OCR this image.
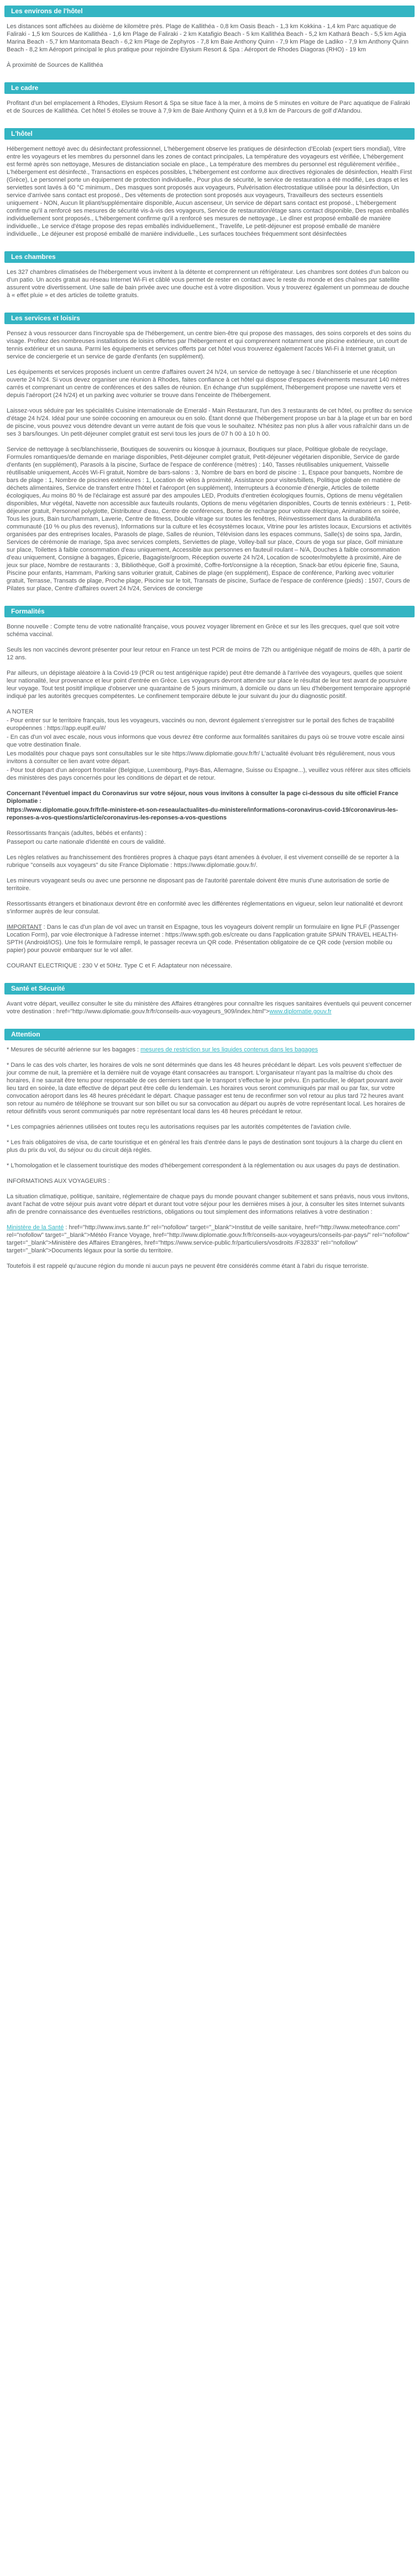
Les environs de l'hôtel

Les distances sont affichées au dixième de kilomètre près. Plage de Kallithéa - 0,8 km Oasis Beach - 1,3 km Kokkina - 1,4 km Parc aquatique de Faliraki - 1,5 km Sources de Kallithéa - 1,6 km Plage de Faliraki - 2 km Katafigio Beach - 5 km Kallithéa Beach - 5,2 km Kathará Beach - 5,5 km Agia Marina Beach - 5,7 km Mantomata Beach - 6,2 km Plage de Zephyros - 7,8 km Baie Anthony Quinn - 7,9 km Plage de Ladiko - 7,9 km Anthony Quinn Beach - 8,2 km Aéroport principal le plus pratique pour rejoindre Elysium Resort & Spa : Aéroport de Rhodes Diagoras (RHO) - 19 km

À proximité de Sources de Kallithéa

Le cadre

Profitant d'un bel emplacement à Rhodes, Elysium Resort & Spa se situe face à la mer, à moins de 5 minutes en voiture de Parc aquatique de Faliraki et de Sources de Kallithéa. Cet hôtel 5 étoiles se trouve à 7,9 km de Baie Anthony Quinn et à 9,8 km de Parcours de golf d'Afandou.

L'hôtel

Hébergement nettoyé avec du désinfectant professionnel, L'hébergement observe les pratiques de désinfection d'Ecolab (expert tiers mondial), Vitre entre les voyageurs et les membres du personnel dans les zones de contact principales, La température des voyageurs est vérifiée, L'hébergement est fermé après son nettoyage, Mesures de distanciation sociale en place., La température des membres du personnel est régulièrement vérifiée., L'hébergement est désinfecté., Transactions en espèces possibles, L'hébergement est conforme aux directives régionales de désinfection, Health First (Grèce), Le personnel porte un équipement de protection individuelle., Pour plus de sécurité, le service de restauration a été modifié, Les draps et les serviettes sont lavés à 60 °C minimum., Des masques sont proposés aux voyageurs, Pulvérisation électrostatique utilisée pour la désinfection, Un service d'arrivée sans contact est proposé., Des vêtements de protection sont proposés aux voyageurs, Travailleurs des secteurs essentiels uniquement - NON, Aucun lit pliant/supplémentaire disponible, Aucun ascenseur, Un service de départ sans contact est proposé., L'hébergement confirme qu'il a renforcé ses mesures de sécurité vis-à-vis des voyageurs, Service de restauration/étage sans contact disponible, Des repas emballés individuellement sont proposés., L'hébergement confirme qu'il a renforcé ses mesures de nettoyage., Le dîner est proposé emballé de manière individuelle., Le service d'étage propose des repas emballés individuellement., Travelife, Le petit-déjeuner est proposé emballé de manière individuelle., Le déjeuner est proposé emballé de manière individuelle., Les surfaces touchées fréquemment sont désinfectées

Les chambres

Les 327 chambres climatisées de l'hébergement vous invitent à la détente et comprennent un réfrigérateur. Les chambres sont dotées d'un balcon ou d'un patio. Un accès gratuit au réseau Internet Wi-Fi et câblé vous permet de rester en contact avec le reste du monde et des chaînes par satellite assurent votre divertissement. Une salle de bain privée avec une douche est à votre disposition. Vous y trouverez également un pommeau de douche à « effet pluie » et des articles de toilette gratuits.

Les services et loisirs

Pensez à vous ressourcer dans l'incroyable spa de l'hébergement, un centre bien-être qui propose des massages, des soins corporels et des soins du visage. Profitez des nombreuses installations de loisirs offertes par l'hébergement et qui comprennent notamment une piscine extérieure, un court de tennis extérieur et un sauna. Parmi les équipements et services offerts par cet hôtel vous trouverez également l'accès Wi-Fi à Internet gratuit, un service de conciergerie et un service de garde d'enfants (en supplément).

Les équipements et services proposés incluent un centre d'affaires ouvert 24 h/24, un service de nettoyage à sec / blanchisserie et une réception ouverte 24 h/24. Si vous devez organiser une réunion à Rhodes, faites confiance à cet hôtel qui dispose d'espaces événements mesurant 140 mètres carrés et comprenant un centre de conférences et des salles de réunion. En échange d'un supplément, l'hébergement propose une navette vers et depuis l'aéroport (24 h/24) et un parking avec voiturier se trouve dans l'enceinte de l'hébergement.

Laissez-vous séduire par les spécialités Cuisine internationale de Emerald - Main Restaurant, l'un des 3 restaurants de cet hôtel, ou profitez du service d'étage 24 h/24. Idéal pour une soirée cocooning en amoureux ou en solo. Étant donné que l'hébergement propose un bar à la plage et un bar en bord de piscine, vous pouvez vous détendre devant un verre autant de fois que vous le souhaitez. N'hésitez pas non plus à aller vous rafraîchir dans un de ses 3 bars/lounges. Un petit-déjeuner complet gratuit est servi tous les jours de 07 h 00 à 10 h 00.

Service de nettoyage à sec/blanchisserie, Boutiques de souvenirs ou kiosque à journaux, Boutiques sur place, Politique globale de recyclage, Formules romantiques/de demande en mariage disponibles, Petit-déjeuner complet gratuit, Petit-déjeuner végétarien disponible, Service de garde d'enfants (en supplément), Parasols à la piscine, Surface de l'espace de conférence (mètres) : 140, Tasses réutilisables uniquement, Vaisselle réutilisable uniquement, Accès Wi-Fi gratuit, Nombre de bars-salons : 3, Nombre de bars en bord de piscine : 1, Espace pour banquets, Nombre de bars de plage : 1, Nombre de piscines extérieures : 1, Location de vélos à proximité, Assistance pour visites/billets, Politique globale en matière de déchets alimentaires, Service de transfert entre l'hôtel et l'aéroport (en supplément), Interrupteurs à économie d'énergie, Articles de toilette écologiques, Au moins 80 % de l'éclairage est assuré par des ampoules LED, Produits d'entretien écologiques fournis, Options de menu végétalien disponibles, Mur végétal, Navette non accessible aux fauteuils roulants, Options de menu végétarien disponibles, Courts de tennis extérieurs : 1, Petit-déjeuner gratuit, Personnel polyglotte, Distributeur d'eau, Centre de conférences, Borne de recharge pour voiture électrique, Animations en soirée, Tous les jours, Bain turc/hammam, Laverie, Centre de fitness, Double vitrage sur toutes les fenêtres, Réinvestissement dans la durabilité/la communauté (10 % ou plus des revenus), Informations sur la culture et les écosystèmes locaux, Vitrine pour les artistes locaux, Excursions et activités organisées par des entreprises locales, Parasols de plage, Salles de réunion, Télévision dans les espaces communs, Salle(s) de soins spa, Jardin, Services de cérémonie de mariage, Spa avec services complets, Serviettes de plage, Volley-ball sur place, Cours de yoga sur place, Golf miniature sur place, Toilettes à faible consommation d'eau uniquement, Accessible aux personnes en fauteuil roulant – N/A, Douches à faible consommation d'eau uniquement, Consigne à bagages, Épicerie, Bagagiste/groom, Réception ouverte 24 h/24, Location de scooter/mobylette à proximité, Aire de jeux sur place, Nombre de restaurants : 3, Bibliothèque, Golf à proximité, Coffre-fort/consigne à la réception, Snack-bar et/ou épicerie fine, Sauna, Piscine pour enfants, Hammam, Parking sans voiturier gratuit, Cabines de plage (en supplément), Espace de conférence, Parking avec voiturier gratuit, Terrasse, Transats de plage, Proche plage, Piscine sur le toit, Transats de piscine, Surface de l'espace de conférence (pieds) : 1507, Cours de Pilates sur place, Centre d'affaires ouvert 24 h/24, Services de concierge

Formalités

Bonne nouvelle : Compte tenu de votre nationalité française, vous pouvez voyager librement en Grèce et sur les îles grecques, quel que soit votre schéma vaccinal.

Seuls les non vaccinés devront présenter pour leur retour en France un test PCR de moins de 72h ou antigénique négatif de moins de 48h, à partir de 12 ans.

Par ailleurs, un dépistage aléatoire à la Covid-19 (PCR ou test antigénique rapide) peut être demandé à l'arrivée des voyageurs, quelles que soient leur nationalité, leur provenance et leur point d'entrée en Grèce. Les voyageurs devront attendre sur place le résultat de leur test avant de poursuivre leur voyage. Tout test positif implique d'observer une quarantaine de 5 jours minimum, à domicile ou dans un lieu d'hébergement temporaire approprié indiqué par les autorités grecques compétentes. Le confinement temporaire débute le jour suivant du jour du diagnostic positif.

A NOTER

- Pour entrer sur le territoire français, tous les voyageurs, vaccinés ou non, devront également s'enregistrer sur le portail des fiches de traçabilité européennes : https://app.euplf.eu/#/

- En cas d'un vol avec escale, nous vous informons que vous devrez être conforme aux formalités sanitaires du pays où se trouve votre escale ainsi que votre destination finale.

Les modalités pour chaque pays sont consultables sur le site https://www.diplomatie.gouv.fr/fr/ L'actualité évoluant très régulièrement, nous vous invitons à consulter ce lien avant votre départ.

- Pour tout départ d'un aéroport frontalier (Belgique, Luxembourg, Pays-Bas, Allemagne, Suisse ou Espagne...), veuillez vous référer aux sites officiels des ministères des pays concernés pour les conditions de départ et de retour.

Concernant l'éventuel impact du Coronavirus sur votre séjour, nous vous invitons à consulter la page ci-dessous du site officiel France Diplomatie :

https://www.diplomatie.gouv.fr/fr/le-ministere-et-son-reseau/actualites-du-ministere/informations-coronavirus-covid-19/coronavirus-les-reponses-a-vos-questions/article/coronavirus-les-reponses-a-vos-questions

Ressortissants français (adultes, bébés et enfants) :

Passeport ou carte nationale d'identité en cours de validité.

Les règles relatives au franchissement des frontières propres à chaque pays étant amenées à évoluer, il est vivement conseillé de se reporter à la rubrique "conseils aux voyageurs" du site France Diplomatie : https://www.diplomatie.gouv.fr/.

Les mineurs voyageant seuls ou avec une personne ne disposant pas de l'autorité parentale doivent être munis d'une autorisation de sortie de territoire.

Ressortissants étrangers et binationaux devront être en conformité avec les différentes réglementations en vigueur, selon leur nationalité et devront s'informer auprès de leur consulat.

IMPORTANT : Dans le cas d'un plan de vol avec un transit en Espagne, tous les voyageurs doivent remplir un formulaire en ligne PLF (Passenger Location Form), par voie électronique à l'adresse internet : https://www.spth.gob.es/create ou dans l'application gratuite SPAIN TRAVEL HEALTH-SPTH (Android/iOS). Une fois le formulaire rempli, le passager recevra un QR code. Présentation obligatoire de ce QR code (version mobile ou papier) pour pouvoir embarquer sur le vol aller.

COURANT ELECTRIQUE : 230 V et 50Hz. Type C et F. Adaptateur non nécessaire.

Santé et Sécurité

Avant votre départ, veuillez consulter le site du ministère des Affaires étrangères pour connaître les risques sanitaires éventuels qui peuvent concerner votre destination : href="http://www.diplomatie.gouv.fr/fr/conseils-aux-voyageurs_909/index.html">www.diplomatie.gouv.fr

Attention

* Mesures de sécurité aérienne sur les bagages : mesures de restriction sur les liquides contenus dans les bagages

* Dans le cas des vols charter, les horaires de vols ne sont déterminés que dans les 48 heures précédant le départ. Les vols peuvent s'effectuer de jour comme de nuit, la première et la dernière nuit de voyage étant consacrées au transport. L'organisateur n'ayant pas la maîtrise du choix des horaires, il ne saurait être tenu pour responsable de ces derniers tant que le transport s'effectue le jour prévu. En particulier, le départ pouvant avoir lieu tard en soirée, la date effective de départ peut être celle du lendemain. Les horaires vous seront communiqués par mail ou par fax, sur votre convocation aéroport dans les 48 heures précédant le départ. Chaque passager est tenu de reconfirmer son vol retour au plus tard 72 heures avant son retour au numéro de téléphone se trouvant sur son billet ou sur sa convocation au départ ou auprès de votre représentant local. Les horaires de retour définitifs vous seront communiqués par notre représentant local dans les 48 heures précédant le retour.

* Les compagnies aériennes utilisées ont toutes reçu les autorisations requises par les autorités compétentes de l'aviation civile.

* Les frais obligatoires de visa, de carte touristique et en général les frais d'entrée dans le pays de destination sont toujours à la charge du client en plus du prix du vol, du séjour ou du circuit déjà réglés.

* L'homologation et le classement touristique des modes d'hébergement correspondent à la réglementation ou aux usages du pays de destination.

INFORMATIONS AUX VOYAGEURS :

La situation climatique, politique, sanitaire, réglementaire de chaque pays du monde pouvant changer subitement et sans préavis, nous vous invitons, avant l'achat de votre séjour puis avant votre départ et durant tout votre séjour pour les dernières mises à jour, à consulter les sites Internet suivants afin de prendre connaissance des éventuelles restrictions, obligations ou tout simplement des informations relatives à votre destination :

Ministère de la Santé : href="http://www.invs.sante.fr" rel="nofollow" target="_blank">Institut de veille sanitaire, href="http://www.meteofrance.com" rel="nofollow" target="_blank">Météo France Voyage, href="http://www.diplomatie.gouv.fr/fr/conseils-aux-voyageurs/conseils-par-pays/" rel="nofollow" target="_blank">Ministère des Affaires Etrangères, href="https://www.service-public.fr/particuliers/vosdroits /F32833" rel="nofollow" target="_blank">Documents légaux pour la sortie du territoire.

Toutefois il est rappelé qu'aucune région du monde ni aucun pays ne peuvent être considérés comme étant à l'abri du risque terroriste.
